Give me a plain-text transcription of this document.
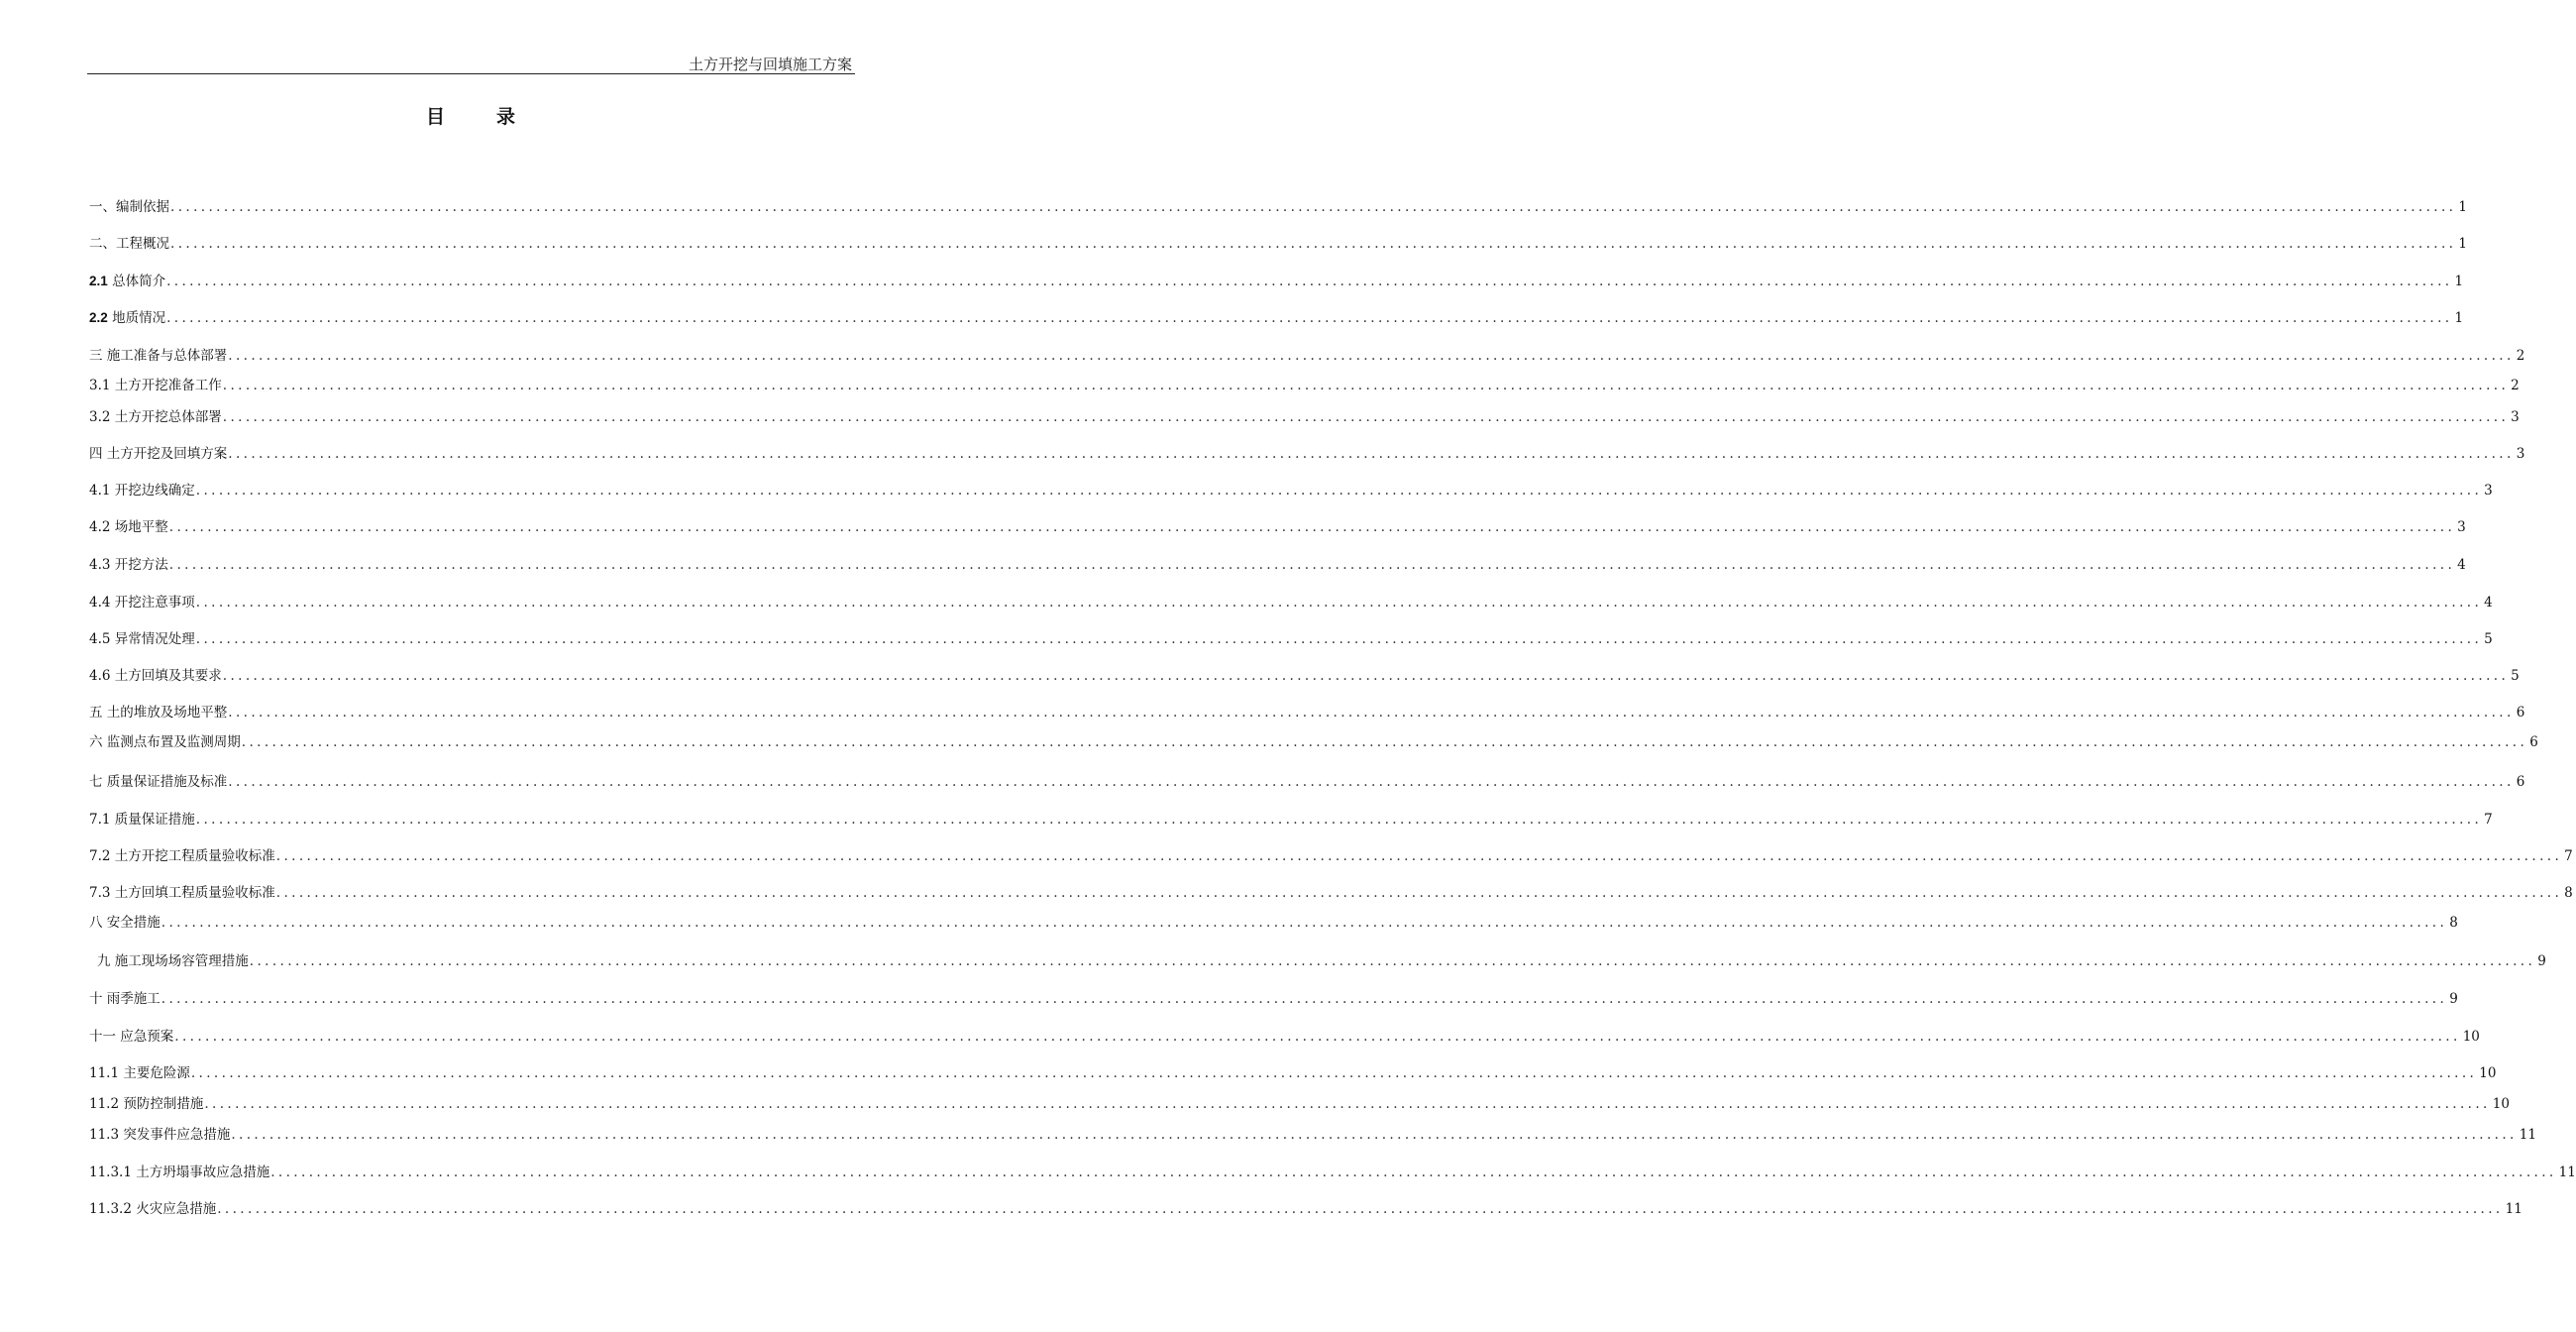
土方开挖与回填施工方案
目录
一、编制依据 ............................................................................................................................................................................................................................................................................................................ 1
二、工程概况 ............................................................................................................................................................................................................................................................................................................ 1
2.1 总体简介 ............................................................................................................................................................................................................................................................................................................ 1
2.2 地质情况 ............................................................................................................................................................................................................................................................................................................ 1
三 施工准备与总体部署 ............................................................................................................................................................................................................................................................................................................ 2
3.1 土方开挖准备工作 ............................................................................................................................................................................................................................................................................................................ 2
3.2 土方开挖总体部署 ............................................................................................................................................................................................................................................................................................................ 3
四 土方开挖及回填方案 ............................................................................................................................................................................................................................................................................................................ 3
4.1 开挖边线确定 ............................................................................................................................................................................................................................................................................................................ 3
4.2 场地平整 ............................................................................................................................................................................................................................................................................................................ 3
4.3 开挖方法 ............................................................................................................................................................................................................................................................................................................ 4
4.4 开挖注意事项 ............................................................................................................................................................................................................................................................................................................ 4
4.5 异常情况处理 ............................................................................................................................................................................................................................................................................................................ 5
4.6 土方回填及其要求 ............................................................................................................................................................................................................................................................................................................ 5
五 土的堆放及场地平整 ............................................................................................................................................................................................................................................................................................................ 6
六 监测点布置及监测周期 ............................................................................................................................................................................................................................................................................................................ 6
七 质量保证措施及标准 ............................................................................................................................................................................................................................................................................................................ 6
7.1 质量保证措施 ............................................................................................................................................................................................................................................................................................................ 7
7.2 土方开挖工程质量验收标准 ............................................................................................................................................................................................................................................................................................................ 7
7.3 土方回填工程质量验收标准 ............................................................................................................................................................................................................................................................................................................ 8
八 安全措施 ............................................................................................................................................................................................................................................................................................................ 8
九 施工现场场容管理措施 ............................................................................................................................................................................................................................................................................................................ 9
十 雨季施工 ............................................................................................................................................................................................................................................................................................................ 9
十一 应急预案 ............................................................................................................................................................................................................................................................................................................ 10
11.1 主要危险源 ............................................................................................................................................................................................................................................................................................................ 10
11.2 预防控制措施 ............................................................................................................................................................................................................................................................................................................ 10
11.3 突发事件应急措施 ............................................................................................................................................................................................................................................................................................................ 11
11.3.1 土方坍塌事故应急措施 ............................................................................................................................................................................................................................................................................................................ 11
11.3.2 火灾应急措施 ............................................................................................................................................................................................................................................................................................................ 11
